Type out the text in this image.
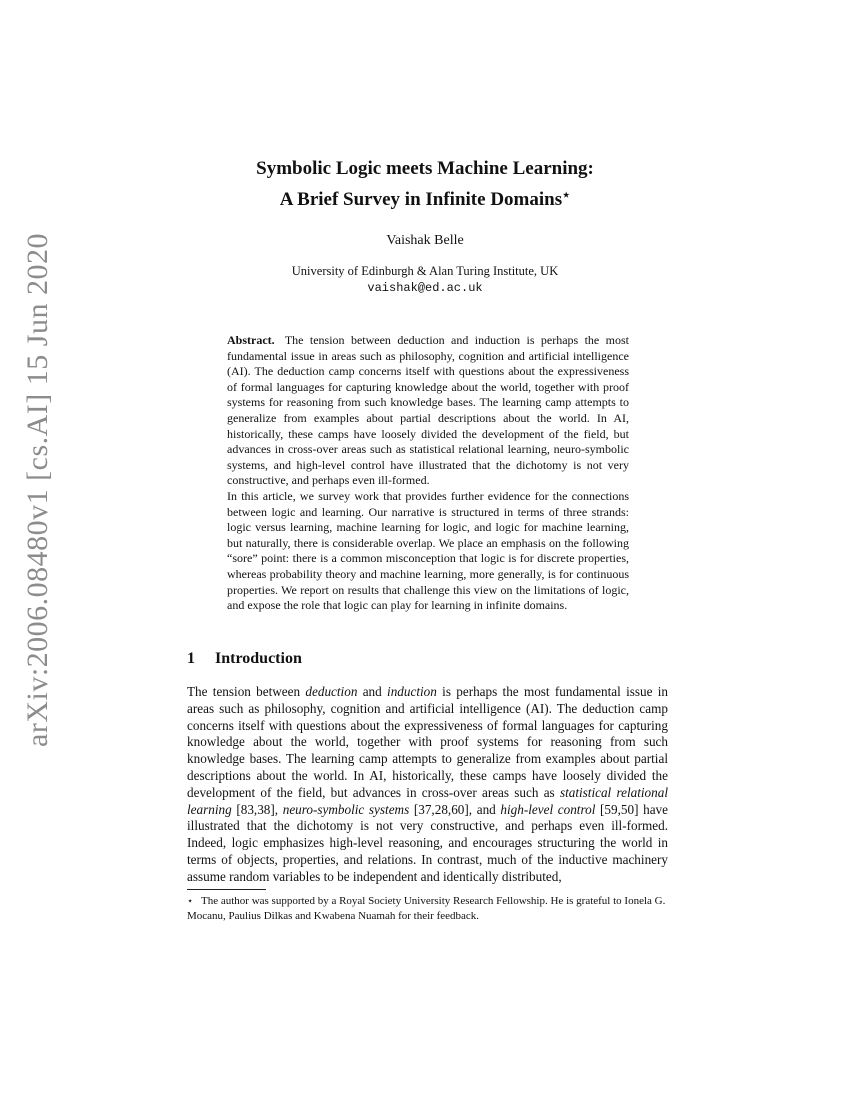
arXiv:2006.08480v1 [cs.AI] 15 Jun 2020
Symbolic Logic meets Machine Learning:
A Brief Survey in Infinite Domains⋆
Vaishak Belle
University of Edinburgh & Alan Turing Institute, UK
vaishak@ed.ac.uk

Abstract. The tension between deduction and induction is perhaps the most fundamental issue in areas such as philosophy, cognition and artificial intelligence (AI). The deduction camp concerns itself with questions about the expressiveness of formal languages for capturing knowledge about the world, together with proof systems for reasoning from such knowledge bases. The learning camp attempts to generalize from examples about partial descriptions about the world. In AI, historically, these camps have loosely divided the development of the field, but advances in cross-over areas such as statistical relational learning, neuro-symbolic systems, and high-level control have illustrated that the dichotomy is not very constructive, and perhaps even ill-formed.

In this article, we survey work that provides further evidence for the connections between logic and learning. Our narrative is structured in terms of three strands: logic versus learning, machine learning for logic, and logic for machine learning, but naturally, there is considerable overlap. We place an emphasis on the following “sore” point: there is a common misconception that logic is for discrete properties, whereas probability theory and machine learning, more generally, is for continuous properties. We report on results that challenge this view on the limitations of logic, and expose the role that logic can play for learning in infinite domains.

1 Introduction

The tension between deduction and induction is perhaps the most fundamental issue in areas such as philosophy, cognition and artificial intelligence (AI). The deduction camp concerns itself with questions about the expressiveness of formal languages for capturing knowledge about the world, together with proof systems for reasoning from such knowledge bases. The learning camp attempts to generalize from examples about partial descriptions about the world. In AI, historically, these camps have loosely divided the development of the field, but advances in cross-over areas such as statistical relational learning [83,38], neuro-symbolic systems [37,28,60], and high-level control [59,50] have illustrated that the dichotomy is not very constructive, and perhaps even ill-formed. Indeed, logic emphasizes high-level reasoning, and encourages structuring the world in terms of objects, properties, and relations. In contrast, much of the inductive machinery assume random variables to be independent and identically distributed,

⋆ The author was supported by a Royal Society University Research Fellowship. He is grateful to Ionela G. Mocanu, Paulius Dilkas and Kwabena Nuamah for their feedback.
